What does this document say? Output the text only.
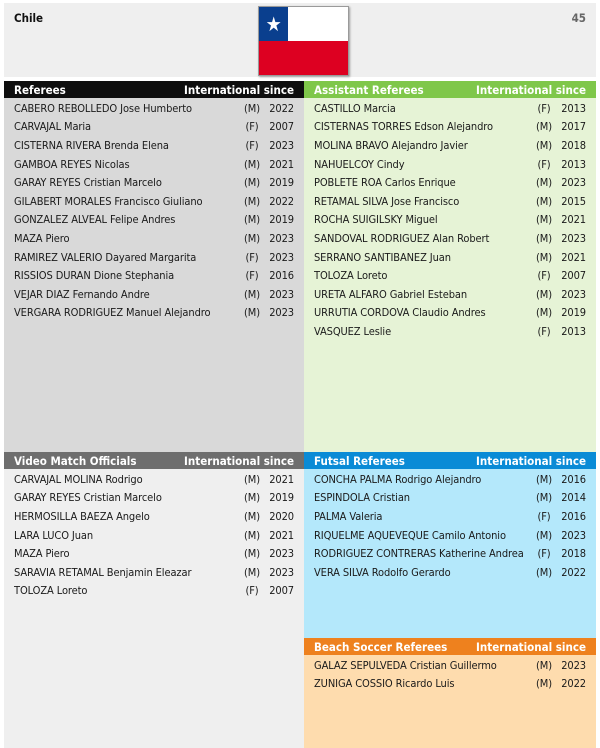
Chile	45
★
Referees	International since
CABERO REBOLLEDO Jose Humberto	(M) 2022
CARVAJAL Maria	(F) 2007
CISTERNA RIVERA Brenda Elena	(F) 2023
GAMBOA REYES Nicolas	(M) 2021
GARAY REYES Cristian Marcelo	(M) 2019
GILABERT MORALES Francisco Giuliano	(M) 2022
GONZALEZ ALVEAL Felipe Andres	(M) 2019
MAZA Piero	(M) 2023
RAMIREZ VALERIO Dayared Margarita	(F) 2023
RISSIOS DURAN Dione Stephania	(F) 2016
VEJAR DIAZ Fernando Andre	(M) 2023
VERGARA RODRIGUEZ Manuel Alejandro	(M) 2023
Assistant Referees	International since
CASTILLO Marcia	(F) 2013
CISTERNAS TORRES Edson Alejandro	(M) 2017
MOLINA BRAVO Alejandro Javier	(M) 2018
NAHUELCOY Cindy	(F) 2013
POBLETE ROA Carlos Enrique	(M) 2023
RETAMAL SILVA Jose Francisco	(M) 2015
ROCHA SUIGILSKY Miguel	(M) 2021
SANDOVAL RODRIGUEZ Alan Robert	(M) 2023
SERRANO SANTIBANEZ Juan	(M) 2021
TOLOZA Loreto	(F) 2007
URETA ALFARO Gabriel Esteban	(M) 2023
URRUTIA CORDOVA Claudio Andres	(M) 2019
VASQUEZ Leslie	(F) 2013
Video Match Officials	International since
CARVAJAL MOLINA Rodrigo	(M) 2021
GARAY REYES Cristian Marcelo	(M) 2019
HERMOSILLA BAEZA Angelo	(M) 2020
LARA LUCO Juan	(M) 2021
MAZA Piero	(M) 2023
SARAVIA RETAMAL Benjamin Eleazar	(M) 2023
TOLOZA Loreto	(F) 2007
Futsal Referees	International since
CONCHA PALMA Rodrigo Alejandro	(M) 2016
ESPINDOLA Cristian	(M) 2014
PALMA Valeria	(F) 2016
RIQUELME AQUEVEQUE Camilo Antonio	(M) 2023
RODRIGUEZ CONTRERAS Katherine Andrea	(F) 2018
VERA SILVA Rodolfo Gerardo	(M) 2022
Beach Soccer Referees International since
GALAZ SEPULVEDA Cristian Guillermo	(M) 2023
ZUNIGA COSSIO Ricardo Luis	(M) 2022
